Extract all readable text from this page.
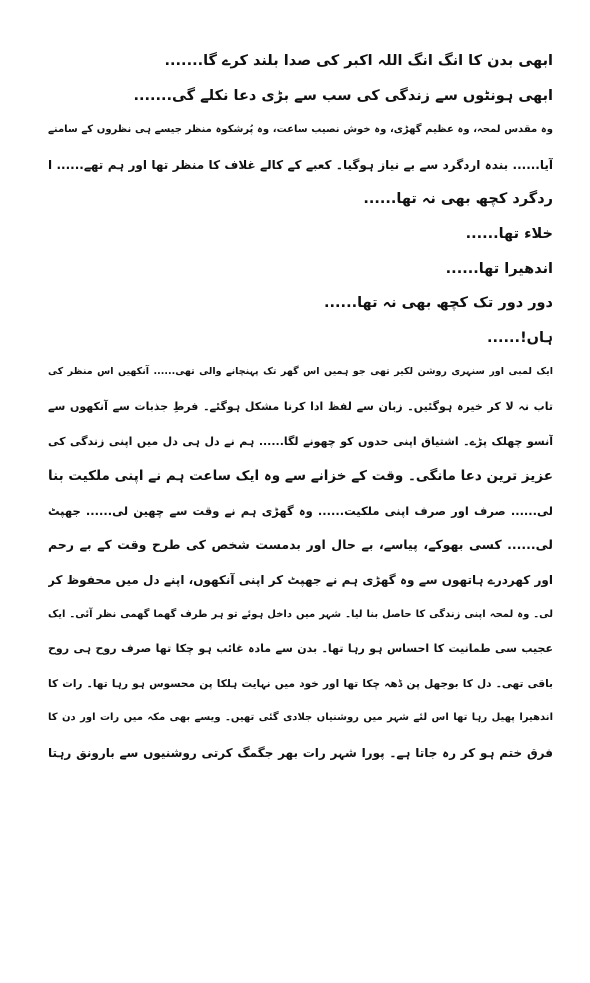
ابھی بدن کا انگ انگ اللہ اکبر کی صدا بلند کرے گا.......
ابھی ہونٹوں سے زندگی کی سب سے بڑی دعا نکلے گی.......
وہ مقدس لمحہ، وہ عظیم گھڑی، وہ خوش نصیب ساعت، وہ پُرشکوہ منظر جیسے ہی نظروں کے سامنے
آیا...... بندہ اردگرد سے بے نیاز ہوگیا۔ کعبے کے کالے غلاف کا منظر تھا اور ہم تھے...... ا
ردگرد کچھ بھی نہ تھا......
خلاء تھا......
اندھیرا تھا......
دور دور تک کچھ بھی نہ تھا......
ہاں!......
ایک لمبی اور سنہری روشن لکیر تھی جو ہمیں اس گھر تک پہنچانے والی تھی...... آنکھیں اس منظر کی
تاب نہ لا کر خیرہ ہوگئیں۔ زبان سے لفظ ادا کرنا مشکل ہوگئے۔ فرطِ جذبات سے آنکھوں سے
آنسو چھلک پڑے۔ اشتیاق اپنی حدوں کو چھونے لگا...... ہم نے دل ہی دل میں اپنی زندگی کی
عزیز ترین دعا مانگی۔ وقت کے خزانے سے وہ ایک ساعت ہم نے اپنی ملکیت بنا
لی...... صرف اور صرف اپنی ملکیت...... وہ گھڑی ہم نے وقت سے چھین لی...... جھپٹ
لی...... کسی بھوکے، پیاسے، بے حال اور بدمست شخص کی طرح وقت کے بے رحم
اور کھردرے ہاتھوں سے وہ گھڑی ہم نے جھپٹ کر اپنی آنکھوں، اپنے دل میں محفوظ کر
لی۔ وہ لمحہ اپنی زندگی کا حاصل بنا لیا۔ شہر میں داخل ہوئے تو ہر طرف گھما گھمی نظر آئی۔ ایک
عجیب سی طمانیت کا احساس ہو رہا تھا۔ بدن سے مادہ غائب ہو چکا تھا صرف روح ہی روح
باقی تھی۔ دل کا بوجھل پن ڈھہ چکا تھا اور خود میں نہایت ہلکا پن محسوس ہو رہا تھا۔ رات کا
اندھیرا پھیل رہا تھا اس لئے شہر میں روشنیاں جلادی گئی تھیں۔ ویسے بھی مکہ میں رات اور دن کا
فرق ختم ہو کر رہ جاتا ہے۔ پورا شہر رات بھر جگمگ کرتی روشنیوں سے بارونق رہتا
